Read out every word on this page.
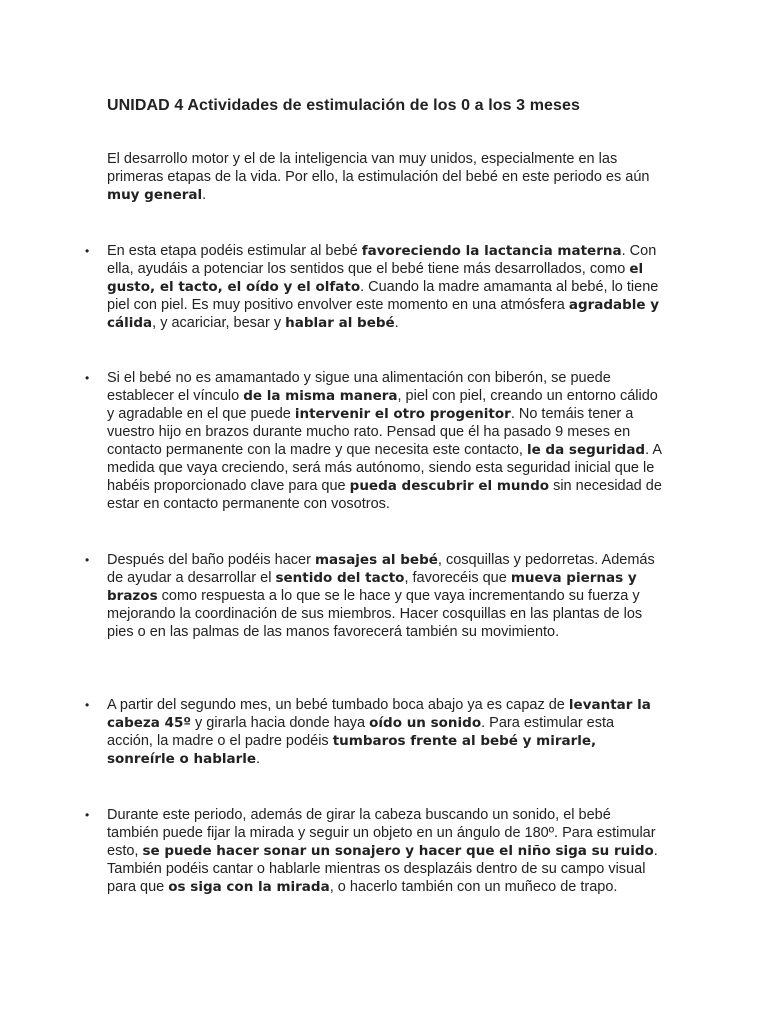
UNIDAD 4 Actividades de estimulación de los 0 a los 3 meses

El desarrollo motor y el de la inteligencia van muy unidos, especialmente en las primeras etapas de la vida. Por ello, la estimulación del bebé en este periodo es aún muy general.

• En esta etapa podéis estimular al bebé favoreciendo la lactancia materna. Con ella, ayudáis a potenciar los sentidos que el bebé tiene más desarrollados, como el gusto, el tacto, el oído y el olfato. Cuando la madre amamanta al bebé, lo tiene piel con piel. Es muy positivo envolver este momento en una atmósfera agradable y cálida, y acariciar, besar y hablar al bebé.
• Si el bebé no es amamantado y sigue una alimentación con biberón, se puede establecer el vínculo de la misma manera, piel con piel, creando un entorno cálido y agradable en el que puede intervenir el otro progenitor. No temáis tener a vuestro hijo en brazos durante mucho rato. Pensad que él ha pasado 9 meses en contacto permanente con la madre y que necesita este contacto, le da seguridad. A medida que vaya creciendo, será más autónomo, siendo esta seguridad inicial que le habéis proporcionado clave para que pueda descubrir el mundo sin necesidad de estar en contacto permanente con vosotros.
• Después del baño podéis hacer masajes al bebé, cosquillas y pedorretas. Además de ayudar a desarrollar el sentido del tacto, favorecéis que mueva piernas y brazos como respuesta a lo que se le hace y que vaya incrementando su fuerza y mejorando la coordinación de sus miembros. Hacer cosquillas en las plantas de los pies o en las palmas de las manos favorecerá también su movimiento.
• A partir del segundo mes, un bebé tumbado boca abajo ya es capaz de levantar la cabeza 45º y girarla hacia donde haya oído un sonido. Para estimular esta acción, la madre o el padre podéis tumbaros frente al bebé y mirarle, sonreírle o hablarle.
• Durante este periodo, además de girar la cabeza buscando un sonido, el bebé también puede fijar la mirada y seguir un objeto en un ángulo de 180º. Para estimular esto, se puede hacer sonar un sonajero y hacer que el niño siga su ruido. También podéis cantar o hablarle mientras os desplazáis dentro de su campo visual para que os siga con la mirada, o hacerlo también con un muñeco de trapo.
